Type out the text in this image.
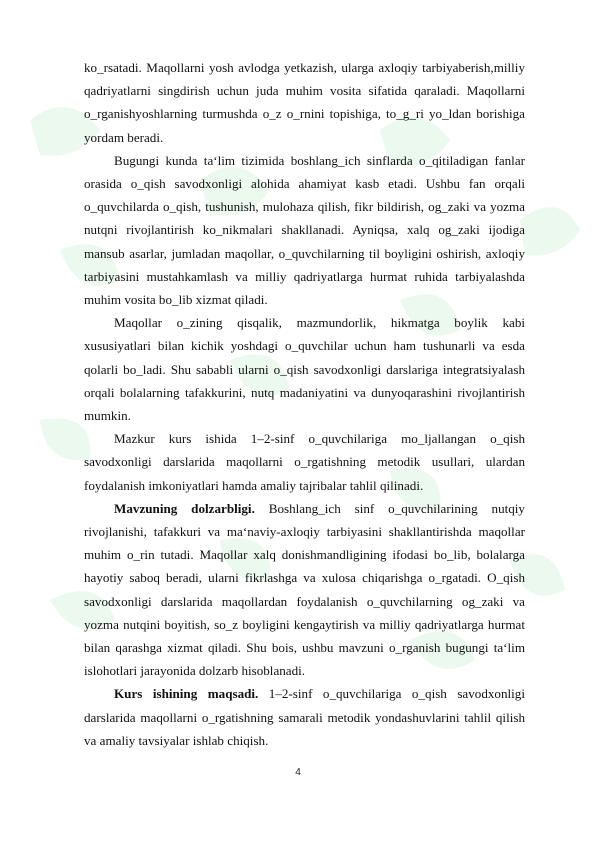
ko_rsatadi. Maqollarni yosh avlodga yetkazish, ularga axloqiy tarbiyaberish,milliy qadriyatlarni singdirish uchun juda muhim vosita sifatida qaraladi. Maqollarni o_rganishyoshlarning turmushda o_z o_rnini topishiga, to_g_ri yo_ldan borishiga yordam beradi.

Bugungi kunda ta‘lim tizimida boshlang_ich sinflarda o_qitiladigan fanlar orasida o_qish savodxonligi alohida ahamiyat kasb etadi. Ushbu fan orqali o_quvchilarda o_qish, tushunish, mulohaza qilish, fikr bildirish, og_zaki va yozma nutqni rivojlantirish ko_nikmalari shakllanadi. Ayniqsa, xalq og_zaki ijodiga mansub asarlar, jumladan maqollar, o_quvchilarning til boyligini oshirish, axloqiy tarbiyasini mustahkamlash va milliy qadriyatlarga hurmat ruhida tarbiyalashda muhim vosita bo_lib xizmat qiladi.

Maqollar o_zining qisqalik, mazmundorlik, hikmatga boylik kabi xususiyatlari bilan kichik yoshdagi o_quvchilar uchun ham tushunarli va esda qolarli bo_ladi. Shu sababli ularni o_qish savodxonligi darslariga integratsiyalash orqali bolalarning tafakkurini, nutq madaniyatini va dunyoqarashini rivojlantirish mumkin.

Mazkur kurs ishida 1–2-sinf o_quvchilariga mo_ljallangan o_qish savodxonligi darslarida maqollarni o_rgatishning metodik usullari, ulardan foydalanish imkoniyatlari hamda amaliy tajribalar tahlil qilinadi.

Mavzuning dolzarbligi. Boshlang_ich sinf o_quvchilarining nutqiy rivojlanishi, tafakkuri va ma‘naviy-axloqiy tarbiyasini shakllantirishda maqollar muhim o_rin tutadi. Maqollar xalq donishmandligining ifodasi bo_lib, bolalarga hayotiy saboq beradi, ularni fikrlashga va xulosa chiqarishga o_rgatadi. O_qish savodxonligi darslarida maqollardan foydalanish o_quvchilarning og_zaki va yozma nutqini boyitish, so_z boyligini kengaytirish va milliy qadriyatlarga hurmat bilan qarashga xizmat qiladi. Shu bois, ushbu mavzuni o_rganish bugungi ta‘lim islohotlari jarayonida dolzarb hisoblanadi.

Kurs ishining maqsadi. 1–2-sinf o_quvchilariga o_qish savodxonligi darslarida maqollarni o_rgatishning samarali metodik yondashuvlarini tahlil qilish va amaliy tavsiyalar ishlab chiqish.

4
